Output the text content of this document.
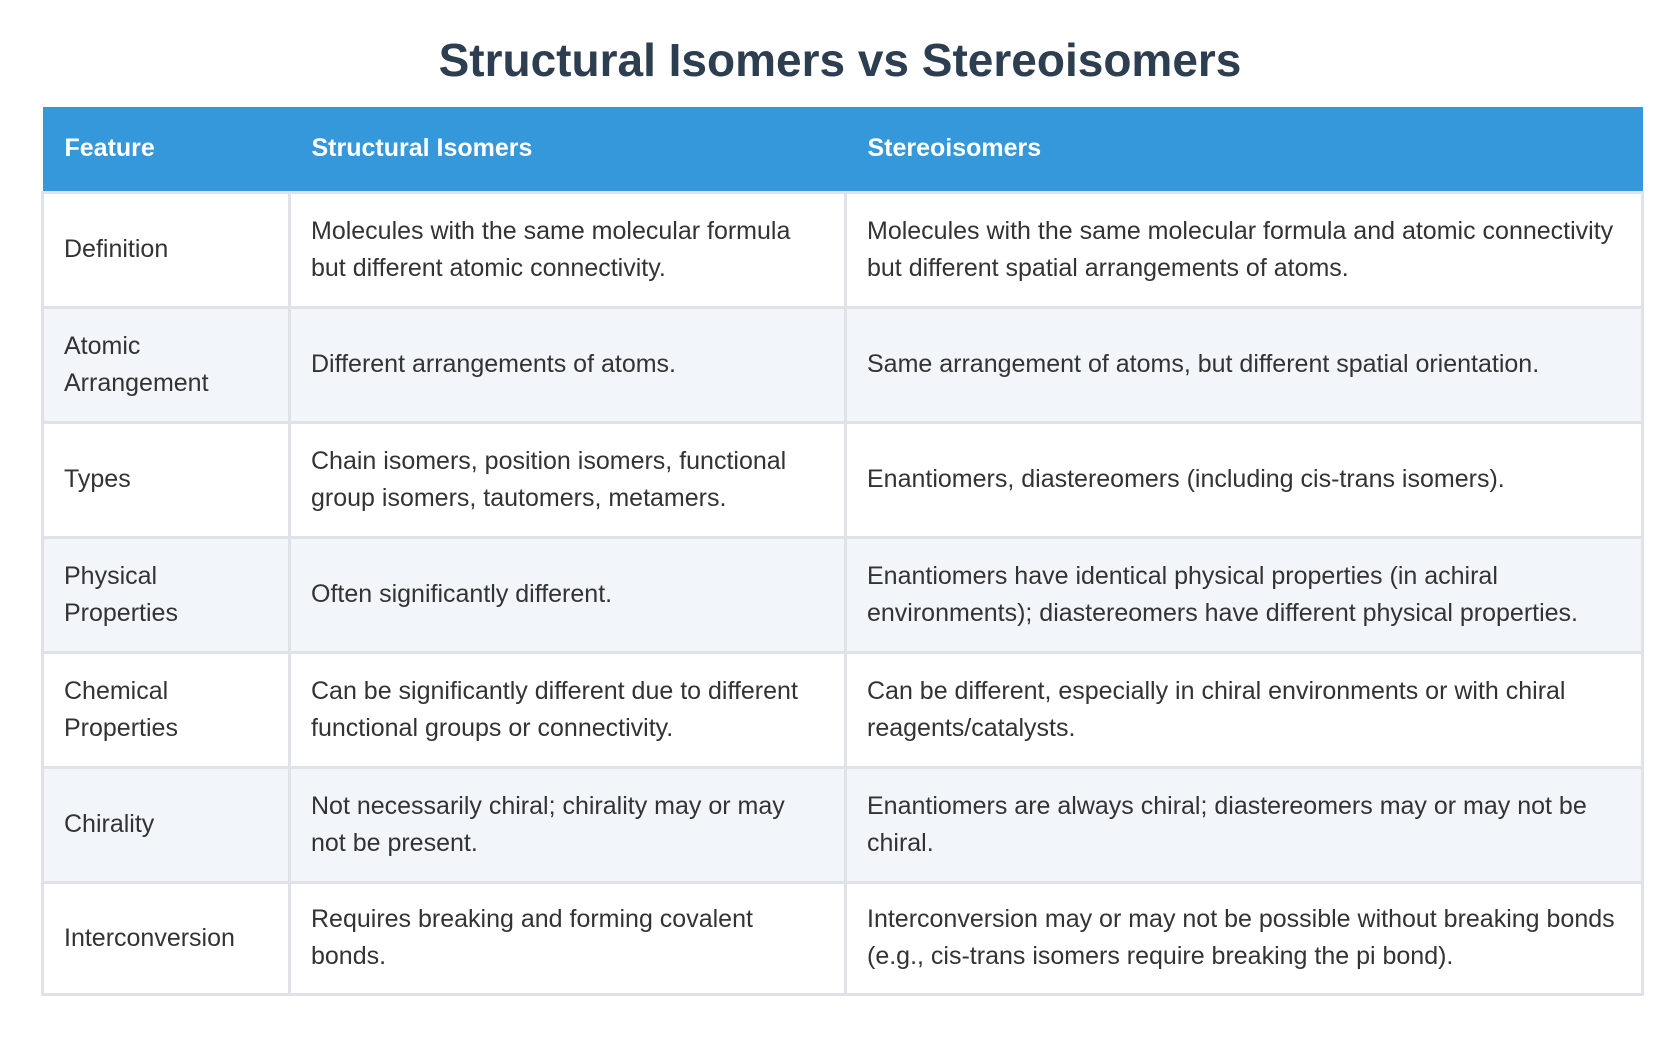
Structural Isomers vs Stereoisomers
Feature	Structural Isomers	Stereoisomers
Definition	Molecules with the same molecular formula but different atomic connectivity.	Molecules with the same molecular formula and atomic connectivity but different spatial arrangements of atoms.
Atomic Arrangement	Different arrangements of atoms.	Same arrangement of atoms, but different spatial orientation.
Types	Chain isomers, position isomers, functional group isomers, tautomers, metamers.	Enantiomers, diastereomers (including cis-trans isomers).
Physical Properties	Often significantly different.	Enantiomers have identical physical properties (in achiral environments); diastereomers have different physical properties.
Chemical Properties	Can be significantly different due to different functional groups or connectivity.	Can be different, especially in chiral environments or with chiral reagents/catalysts.
Chirality	Not necessarily chiral; chirality may or may not be present.	Enantiomers are always chiral; diastereomers may or may not be chiral.
Interconversion	Requires breaking and forming covalent bonds.	Interconversion may or may not be possible without breaking bonds (e.g., cis-trans isomers require breaking the pi bond).
